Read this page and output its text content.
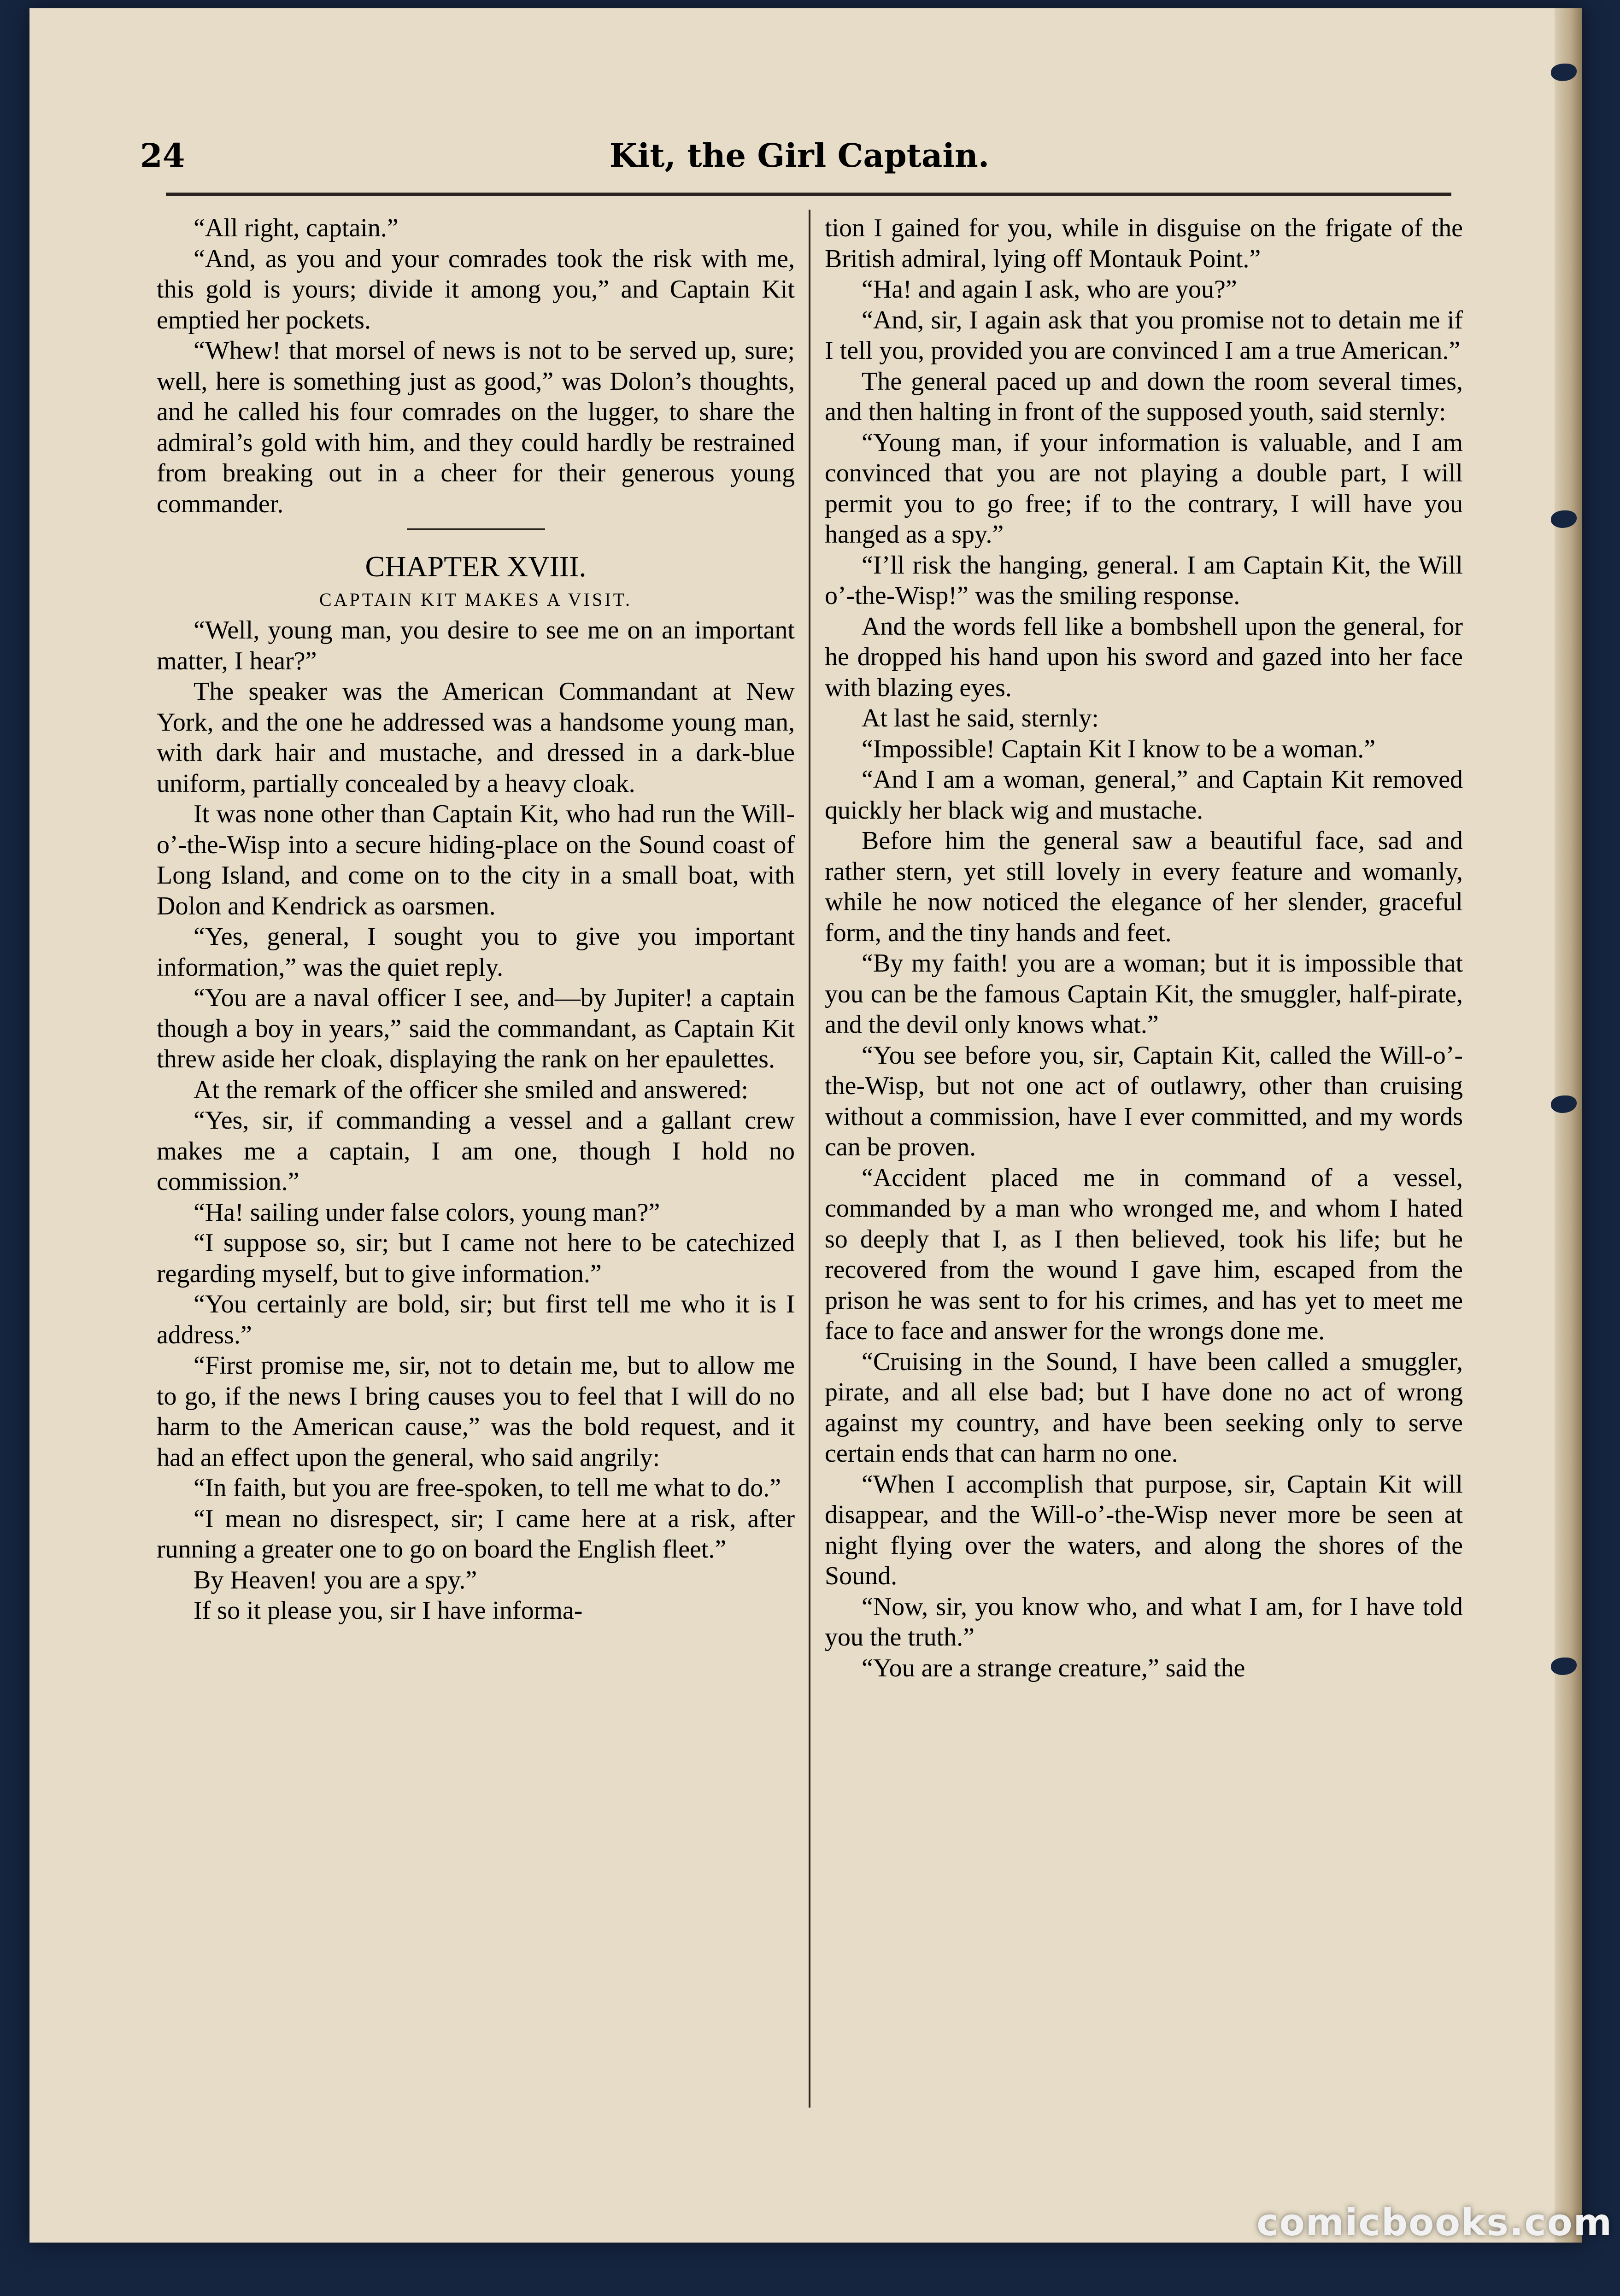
24	Kit, the Girl Captain.

“All right, captain.”

“And, as you and your comrades took the risk with me, this gold is yours; divide it among you,” and Captain Kit emptied her pockets.

“Whew! that morsel of news is not to be served up, sure; well, here is something just as good,” was Dolon’s thoughts, and he called his four comrades on the lugger, to share the admiral’s gold with him, and they could hardly be restrained from breaking out in a cheer for their generous young commander.

CHAPTER XVIII.
CAPTAIN KIT MAKES A VISIT.

“Well, young man, you desire to see me on an important matter, I hear?”

The speaker was the American Commandant at New York, and the one he addressed was a handsome young man, with dark hair and mustache, and dressed in a dark-blue uniform, partially concealed by a heavy cloak.

It was none other than Captain Kit, who had run the Will-o’-the-Wisp into a secure hiding-place on the Sound coast of Long Island, and come on to the city in a small boat, with Dolon and Kendrick as oarsmen.

“Yes, general, I sought you to give you important information,” was the quiet reply.

“You are a naval officer I see, and—by Jupiter! a captain though a boy in years,” said the commandant, as Captain Kit threw aside her cloak, displaying the rank on her epaulettes.

At the remark of the officer she smiled and answered:

“Yes, sir, if commanding a vessel and a gallant crew makes me a captain, I am one, though I hold no commission.”

“Ha! sailing under false colors, young man?”

“I suppose so, sir; but I came not here to be catechized regarding myself, but to give information.”

“You certainly are bold, sir; but first tell me who it is I address.”

“First promise me, sir, not to detain me, but to allow me to go, if the news I bring causes you to feel that I will do no harm to the American cause,” was the bold request, and it had an effect upon the general, who said angrily:

“In faith, but you are free-spoken, to tell me what to do.”

“I mean no disrespect, sir; I came here at a risk, after running a greater one to go on board the English fleet.”

By Heaven! you are a spy.”

If so it please you, sir I have informa-

tion I gained for you, while in disguise on the frigate of the British admiral, lying off Montauk Point.”

“Ha! and again I ask, who are you?”

“And, sir, I again ask that you promise not to detain me if I tell you, provided you are convinced I am a true American.”

The general paced up and down the room several times, and then halting in front of the supposed youth, said sternly:

“Young man, if your information is valuable, and I am convinced that you are not playing a double part, I will permit you to go free; if to the contrary, I will have you hanged as a spy.”

“I’ll risk the hanging, general. I am Captain Kit, the Will o’-the-Wisp!” was the smiling response.

And the words fell like a bombshell upon the general, for he dropped his hand upon his sword and gazed into her face with blazing eyes.

At last he said, sternly:

“Impossible! Captain Kit I know to be a woman.”

“And I am a woman, general,” and Captain Kit removed quickly her black wig and mustache.

Before him the general saw a beautiful face, sad and rather stern, yet still lovely in every feature and womanly, while he now noticed the elegance of her slender, graceful form, and the tiny hands and feet.

“By my faith! you are a woman; but it is impossible that you can be the famous Captain Kit, the smuggler, half-pirate, and the devil only knows what.”

“You see before you, sir, Captain Kit, called the Will-o’-the-Wisp, but not one act of outlawry, other than cruising without a commission, have I ever committed, and my words can be proven.

“Accident placed me in command of a vessel, commanded by a man who wronged me, and whom I hated so deeply that I, as I then believed, took his life; but he recovered from the wound I gave him, escaped from the prison he was sent to for his crimes, and has yet to meet me face to face and answer for the wrongs done me.

“Cruising in the Sound, I have been called a smuggler, pirate, and all else bad; but I have done no act of wrong against my country, and have been seeking only to serve certain ends that can harm no one.

“When I accomplish that purpose, sir, Captain Kit will disappear, and the Will-o’-the-Wisp never more be seen at night flying over the waters, and along the shores of the Sound.

“Now, sir, you know who, and what I am, for I have told you the truth.”

“You are a strange creature,” said the

comicbooks.com
